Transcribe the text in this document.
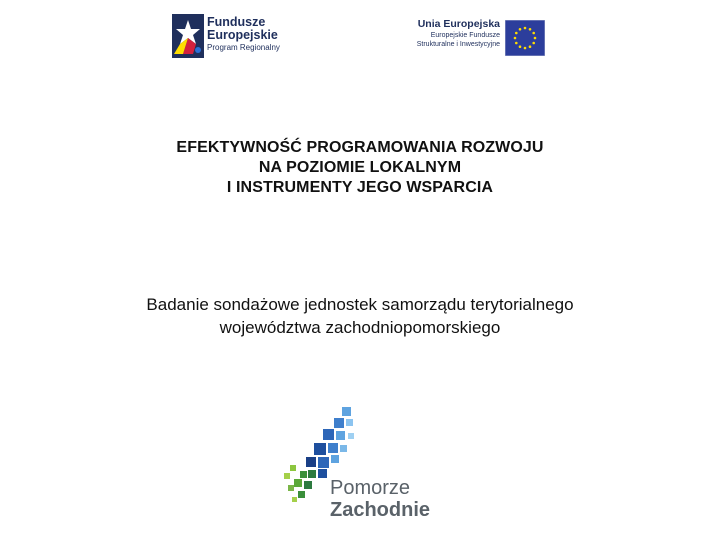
Fundusze
Europejskie
Program Regionalny
Unia Europejska
Europejskie Fundusze
Strukturalne i Inwestycyjne
EFEKTYWNOŚĆ PROGRAMOWANIA ROZWOJU
NA POZIOMIE LOKALNYM
I INSTRUMENTY JEGO WSPARCIA
Badanie sondażowe jednostek samorządu terytorialnego
województwa zachodniopomorskiego
Pomorze
Zachodnie
